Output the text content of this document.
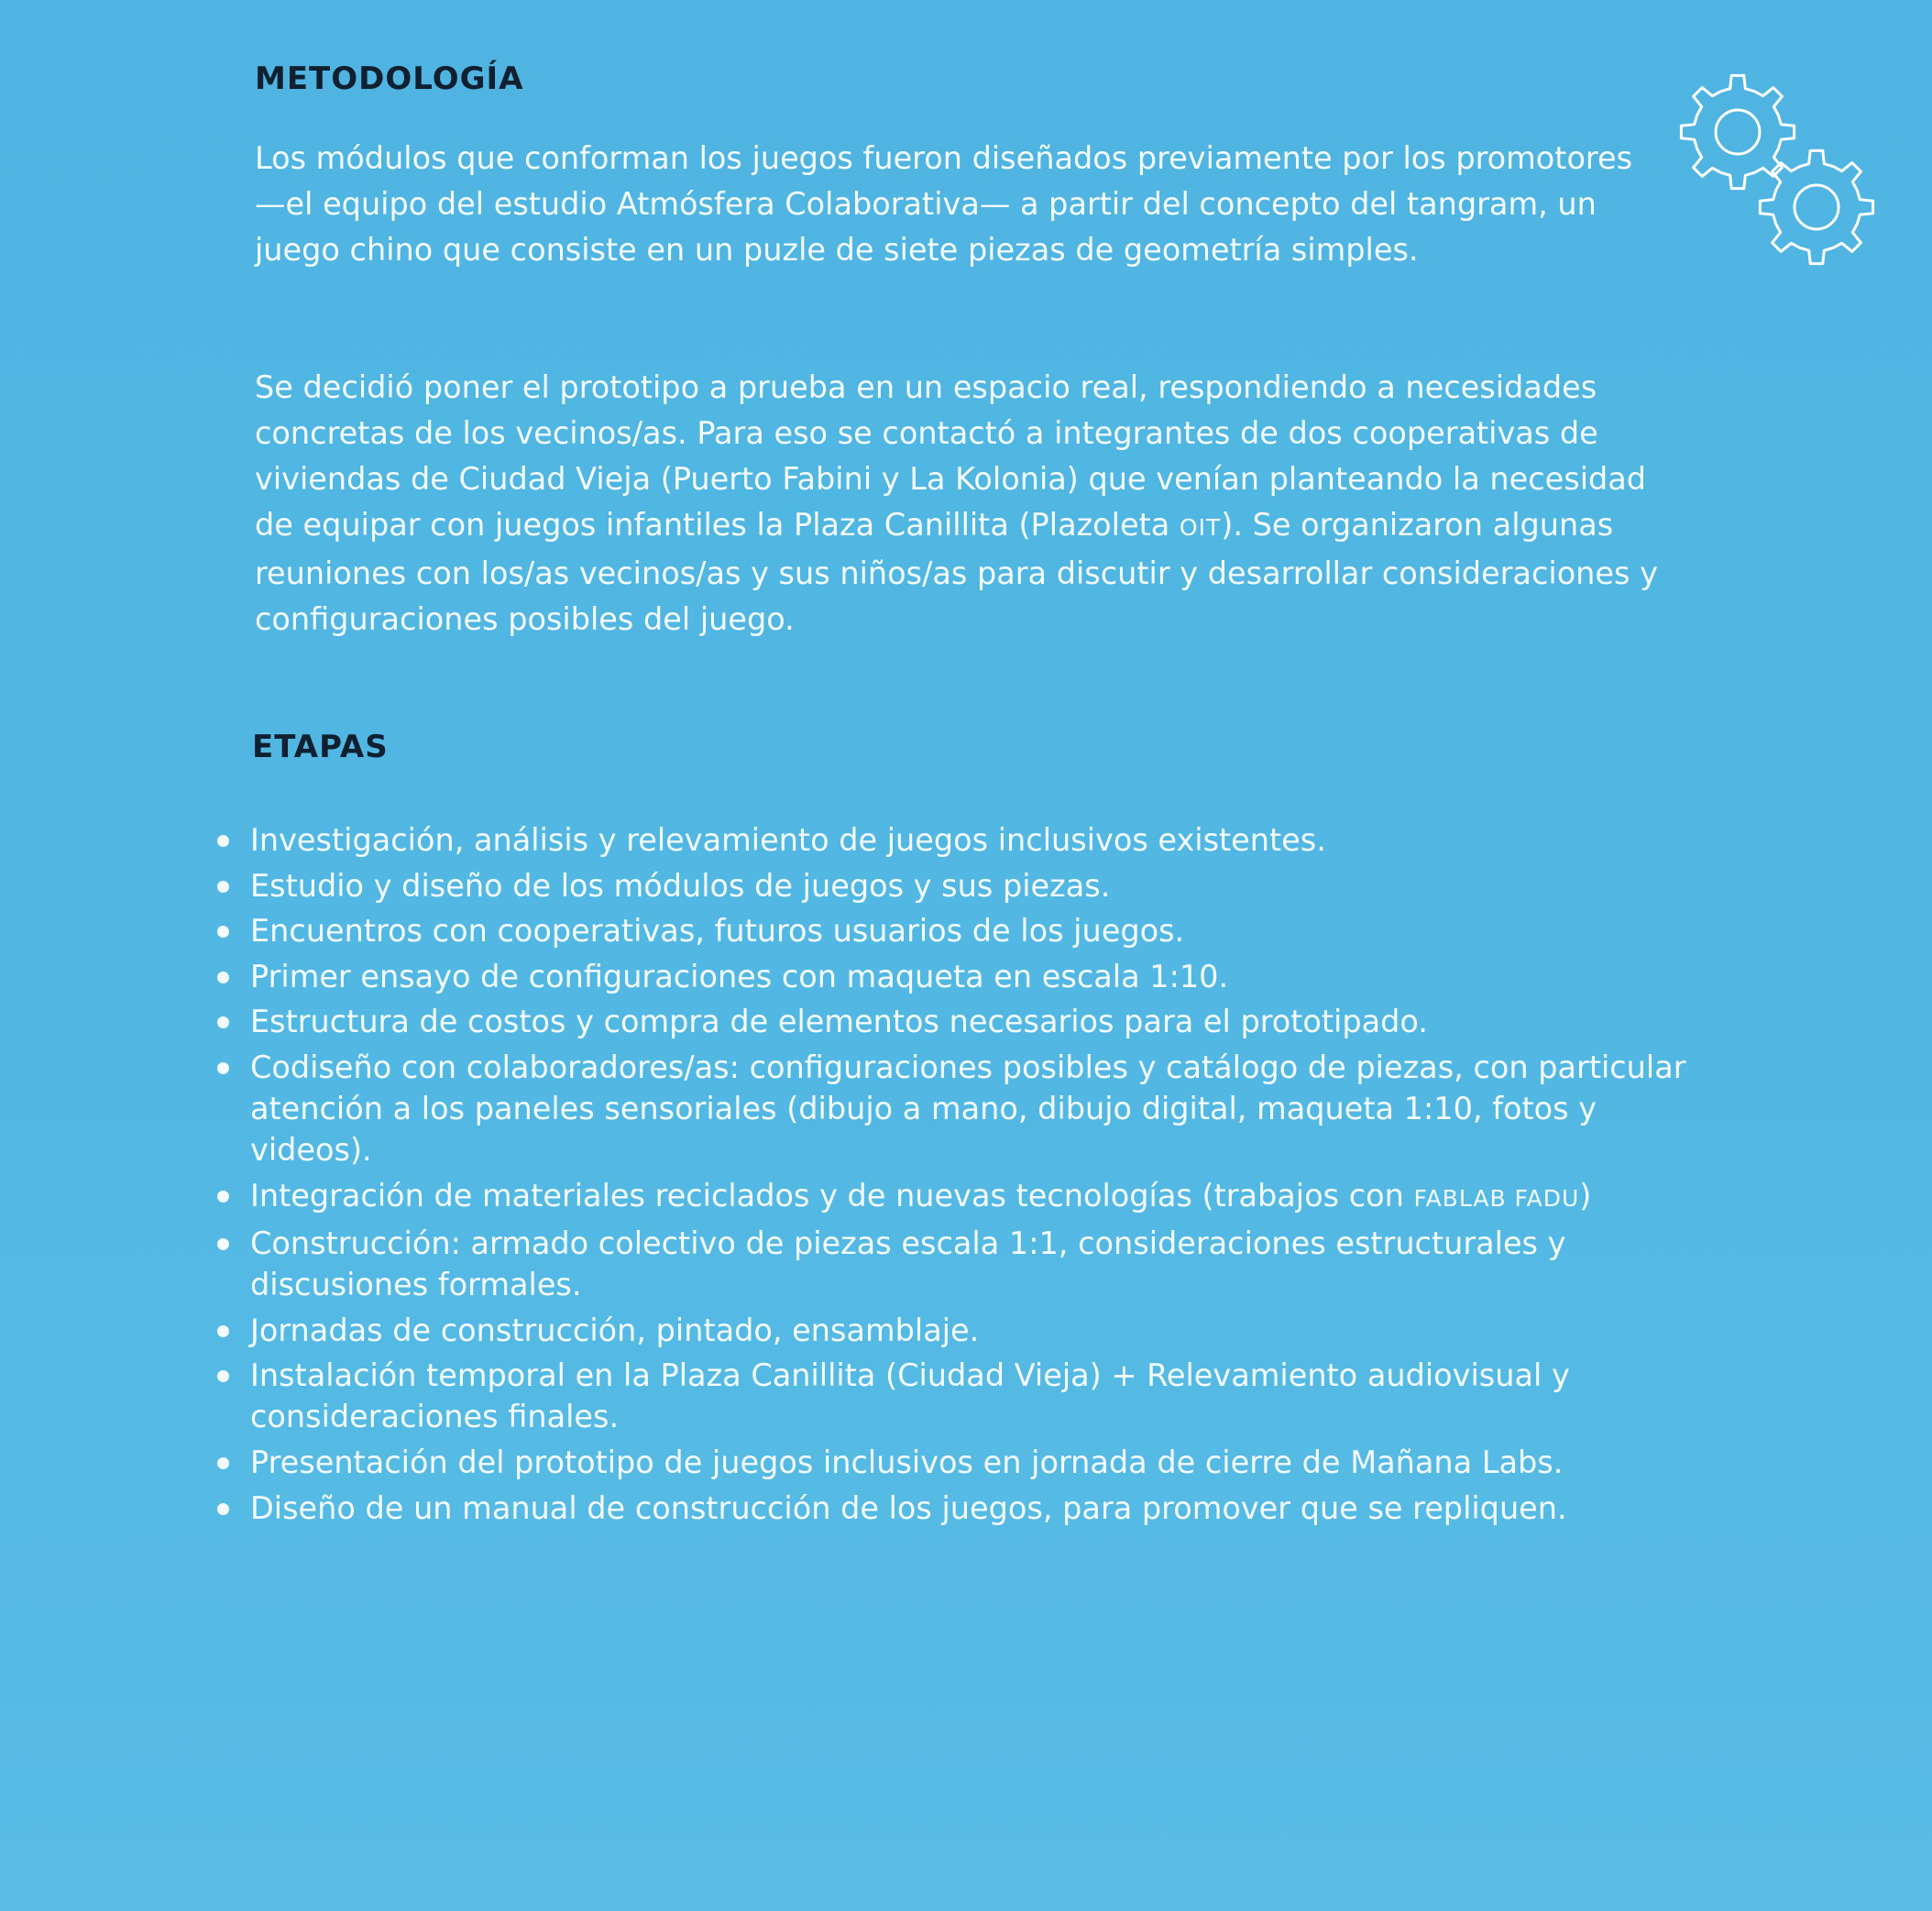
METODOLOGÍA

Los módulos que conforman los juegos fueron diseñados previamente por los promotores —el equipo del estudio Atmósfera Colaborativa— a partir del concepto del tangram, un juego chino que consiste en un puzle de siete piezas de geometría simples.

Se decidió poner el prototipo a prueba en un espacio real, respondiendo a necesidades concretas de los vecinos/as. Para eso se contactó a integrantes de dos cooperativas de viviendas de Ciudad Vieja (Puerto Fabini y La Kolonia) que venían planteando la necesidad de equipar con juegos infantiles la Plaza Canillita (Plazoleta OIT). Se organizaron algunas reuniones con los/as vecinos/as y sus niños/as para discutir y desarrollar consideraciones y configuraciones posibles del juego.

ETAPAS
Investigación, análisis y relevamiento de juegos inclusivos existentes.
Estudio y diseño de los módulos de juegos y sus piezas.
Encuentros con cooperativas, futuros usuarios de los juegos.
Primer ensayo de configuraciones con maqueta en escala 1:10.
Estructura de costos y compra de elementos necesarios para el prototipado.
Codiseño con colaboradores/as: configuraciones posibles y catálogo de piezas, con particular atención a los paneles sensoriales (dibujo a mano, dibujo digital, maqueta 1:10, fotos y videos).
Integración de materiales reciclados y de nuevas tecnologías (trabajos con FABLAB FADU)
Construcción: armado colectivo de piezas escala 1:1, consideraciones estructurales y discusiones formales.
Jornadas de construcción, pintado, ensamblaje.
Instalación temporal en la Plaza Canillita (Ciudad Vieja) + Relevamiento audiovisual y consideraciones finales.
Presentación del prototipo de juegos inclusivos en jornada de cierre de Mañana Labs.
Diseño de un manual de construcción de los juegos, para promover que se repliquen.
